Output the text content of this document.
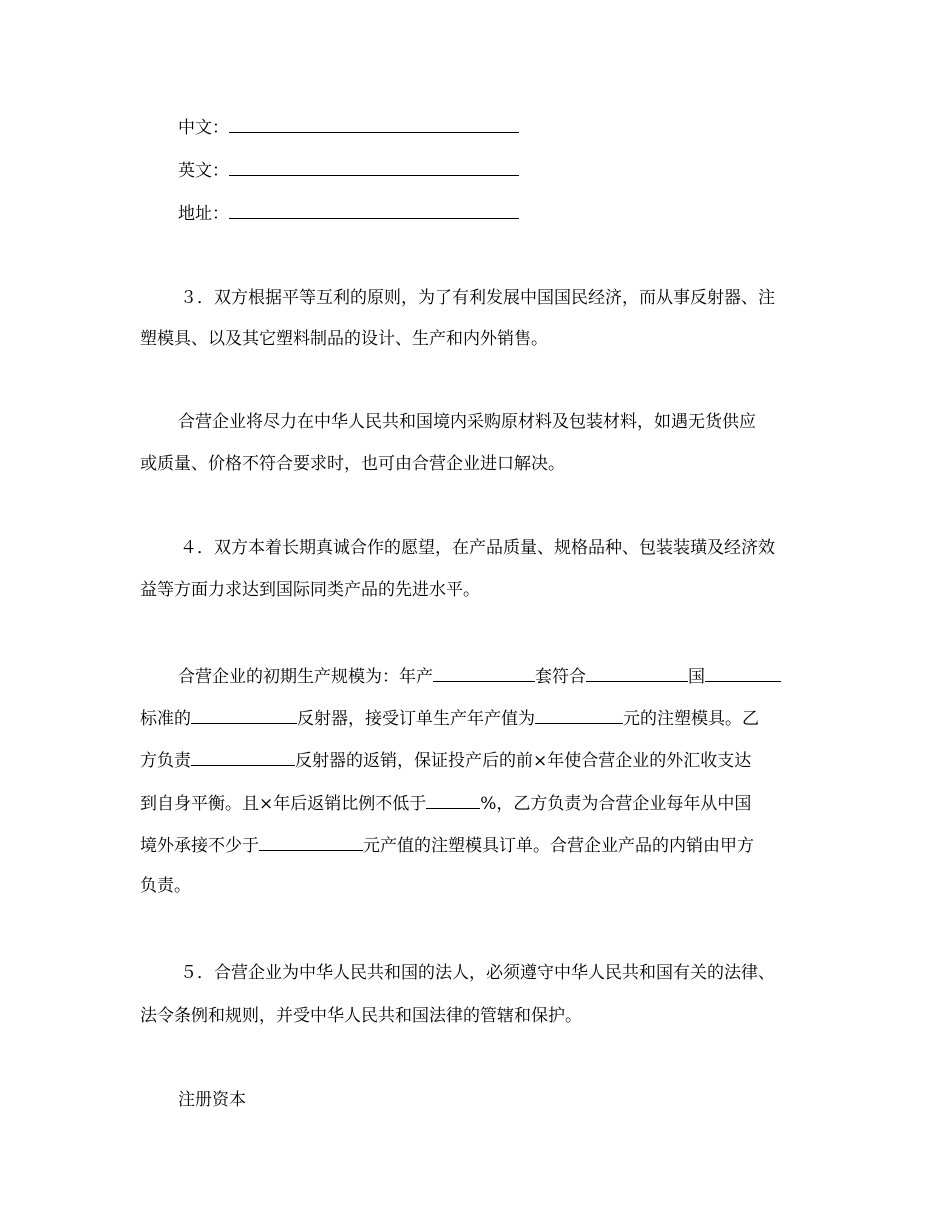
中文：
英文：
地址：
３．双方根据平等互利的原则，为了有利发展中国国民经济，而从事反射器、注
塑模具、以及其它塑料制品的设计、生产和内外销售。
合营企业将尽力在中华人民共和国境内采购原材料及包装材料，如遇无货供应
或质量、价格不符合要求时，也可由合营企业进口解决。
４．双方本着长期真诚合作的愿望，在产品质量、规格品种、包装装璜及经济效
益等方面力求达到国际同类产品的先进水平。
合营企业的初期生产规模为：年产	套符合	国
标准的	反射器，接受订单生产年产值为	元的注塑模具。乙
方负责	反射器的返销，保证投产后的前×年使合营企业的外汇收支达
到自身平衡。且×年后返销比例不低于	%，乙方负责为合营企业每年从中国
境外承接不少于	元产值的注塑模具订单。合营企业产品的内销由甲方
负责。
５．合营企业为中华人民共和国的法人，必须遵守中华人民共和国有关的法律、
法令条例和规则，并受中华人民共和国法律的管辖和保护。
注册资本
